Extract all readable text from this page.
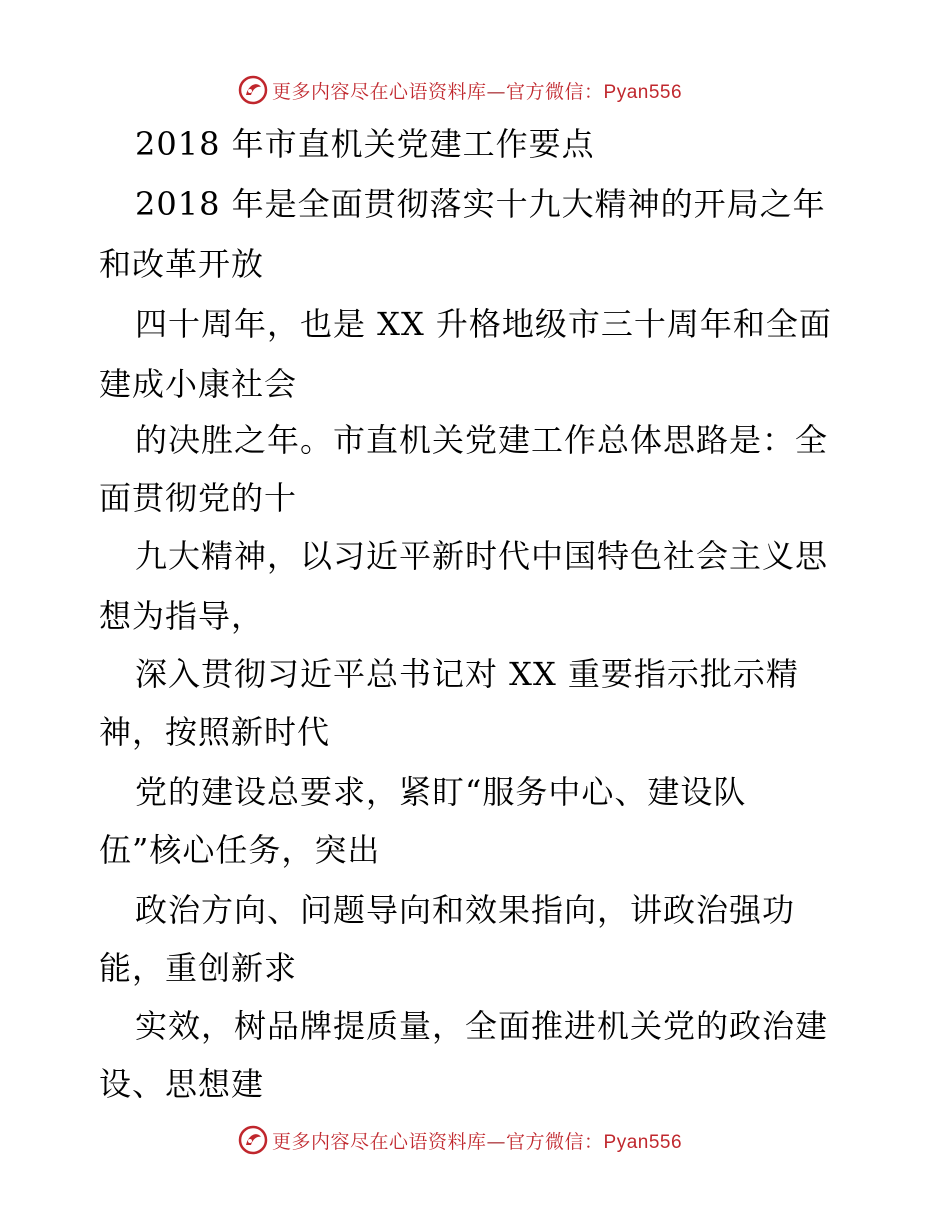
更多内容尽在心语资料库—官方微信：Pyan556
2018 年市直机关党建工作要点
2018 年是全面贯彻落实十九大精神的开局之年
和改革开放
四十周年，也是 XX 升格地级市三十周年和全面
建成小康社会
的决胜之年。市直机关党建工作总体思路是：全
面贯彻党的十
九大精神，以习近平新时代中国特色社会主义思
想为指导，
深入贯彻习近平总书记对 XX 重要指示批示精
神，按照新时代
党的建设总要求，紧盯“服务中心、建设队
伍”核心任务，突出
政治方向、问题导向和效果指向，讲政治强功
能，重创新求
实效，树品牌提质量，全面推进机关党的政治建
设、思想建
更多内容尽在心语资料库—官方微信：Pyan556
